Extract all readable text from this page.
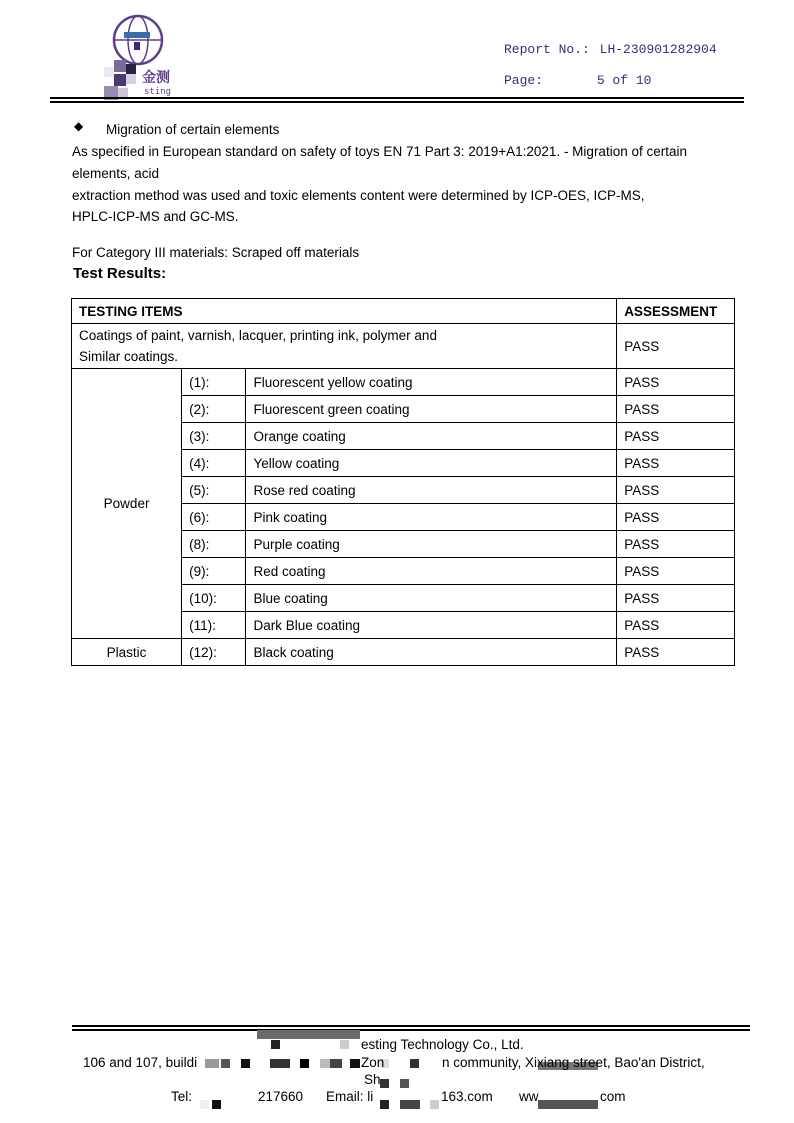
金测
sting
Report No.: LH-230901282904
Page:	5 of 10
◆ Migration of certain elements
As specified in European standard on safety of toys EN 71 Part 3: 2019+A1:2021. - Migration of certain
elements, acid
extraction method was used and toxic elements content were determined by ICP-OES, ICP-MS,
HPLC-ICP-MS and GC-MS.
For Category III materials: Scraped off materials
Test Results:
TESTING ITEMS			ASSESSMENT
Coatings of paint, varnish, lacquer, printing ink, polymer and
Similar coatings.			PASS
Powder	(1):	Fluorescent yellow coating	PASS
	(2):	Fluorescent green coating	PASS
	(3):	Orange coating	PASS
	(4):	Yellow coating	PASS
	(5):	Rose red coating	PASS
	(6):	Pink coating	PASS
	(8):	Purple coating	PASS
	(9):	Red coating	PASS
	(10):	Blue coating	PASS
	(11):	Dark Blue coating	PASS
Plastic	(12):	Black coating	PASS
esting Technology Co., Ltd.
106 and 107, buildi	Zon	n community, Xixiang street, Bao'an District,
Sh
Tel:	217660 Email: li	163.com ww	com
